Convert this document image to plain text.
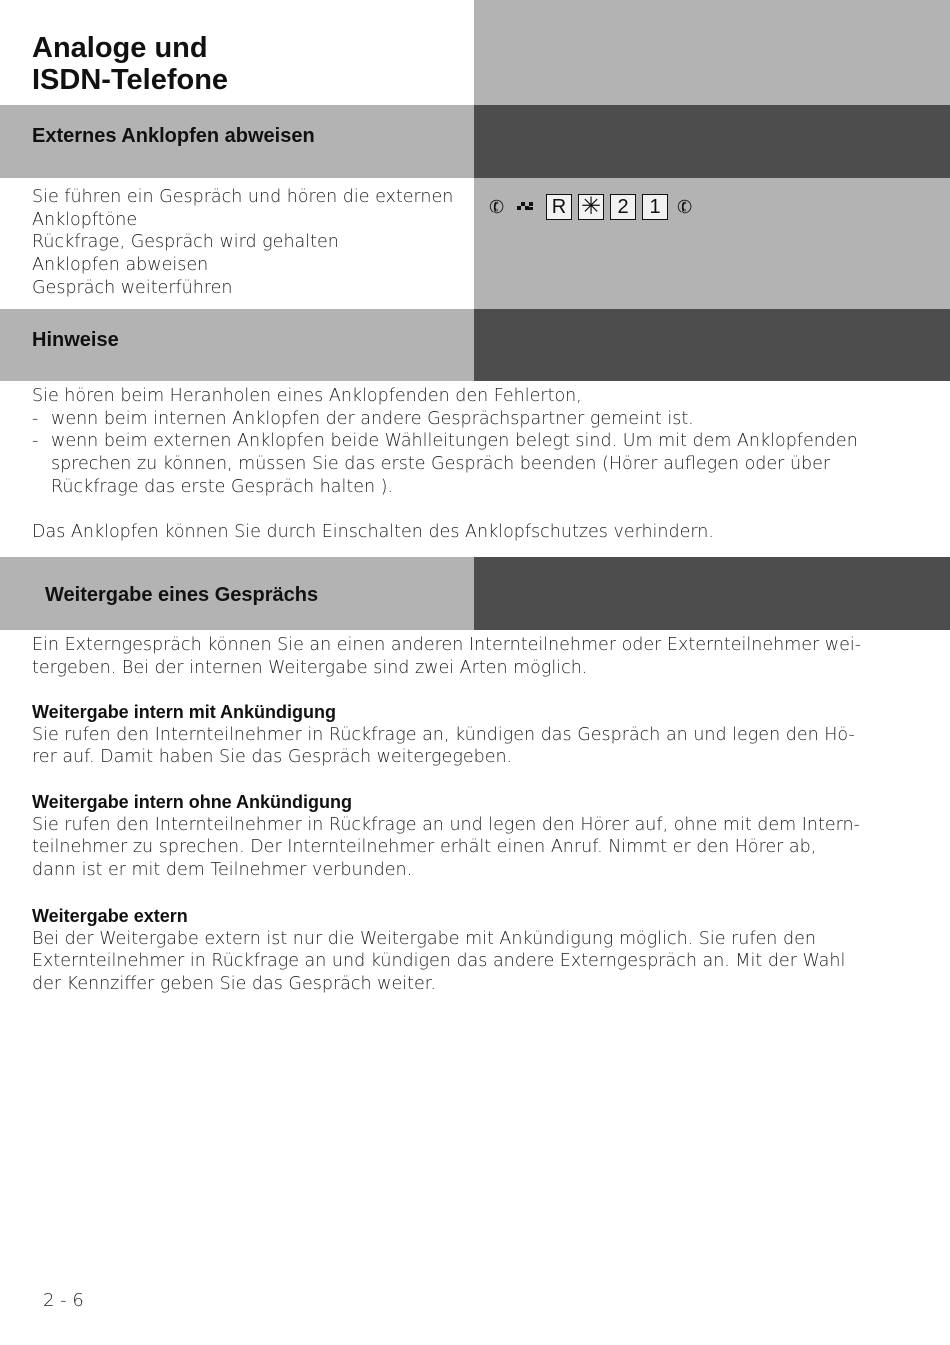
Analoge und
ISDN-Telefone
Externes Anklopfen abweisen
Sie führen ein Gespräch und hören die externen
Anklopftöne
Rückfrage, Gespräch wird gehalten
Anklopfen abweisen
Gespräch weiterführen
✆ R ✳ 2	1 ✆
Hinweise
Sie hören beim Heranholen eines Anklopfenden den Fehlerton,
- wenn beim internen Anklopfen der andere Gesprächspartner gemeint ist.
- wenn beim externen Anklopfen beide Wählleitungen belegt sind. Um mit dem Anklopfenden
sprechen zu können, müssen Sie das erste Gespräch beenden (Hörer auflegen oder über
Rückfrage das erste Gespräch halten ).
Das Anklopfen können Sie durch Einschalten des Anklopfschutzes verhindern.
Weitergabe eines Gesprächs
Ein Externgespräch können Sie an einen anderen Internteilnehmer oder Externteilnehmer wei-
tergeben. Bei der internen Weitergabe sind zwei Arten möglich.
Weitergabe intern mit Ankündigung
Sie rufen den Internteilnehmer in Rückfrage an, kündigen das Gespräch an und legen den Hö-
rer auf. Damit haben Sie das Gespräch weitergegeben.
Weitergabe intern ohne Ankündigung
Sie rufen den Internteilnehmer in Rückfrage an und legen den Hörer auf, ohne mit dem Intern-
teilnehmer zu sprechen. Der Internteilnehmer erhält einen Anruf. Nimmt er den Hörer ab,
dann ist er mit dem Teilnehmer verbunden.
Weitergabe extern
Bei der Weitergabe extern ist nur die Weitergabe mit Ankündigung möglich. Sie rufen den
Externteilnehmer in Rückfrage an und kündigen das andere Externgespräch an. Mit der Wahl
der Kennziffer geben Sie das Gespräch weiter.
2 - 6
